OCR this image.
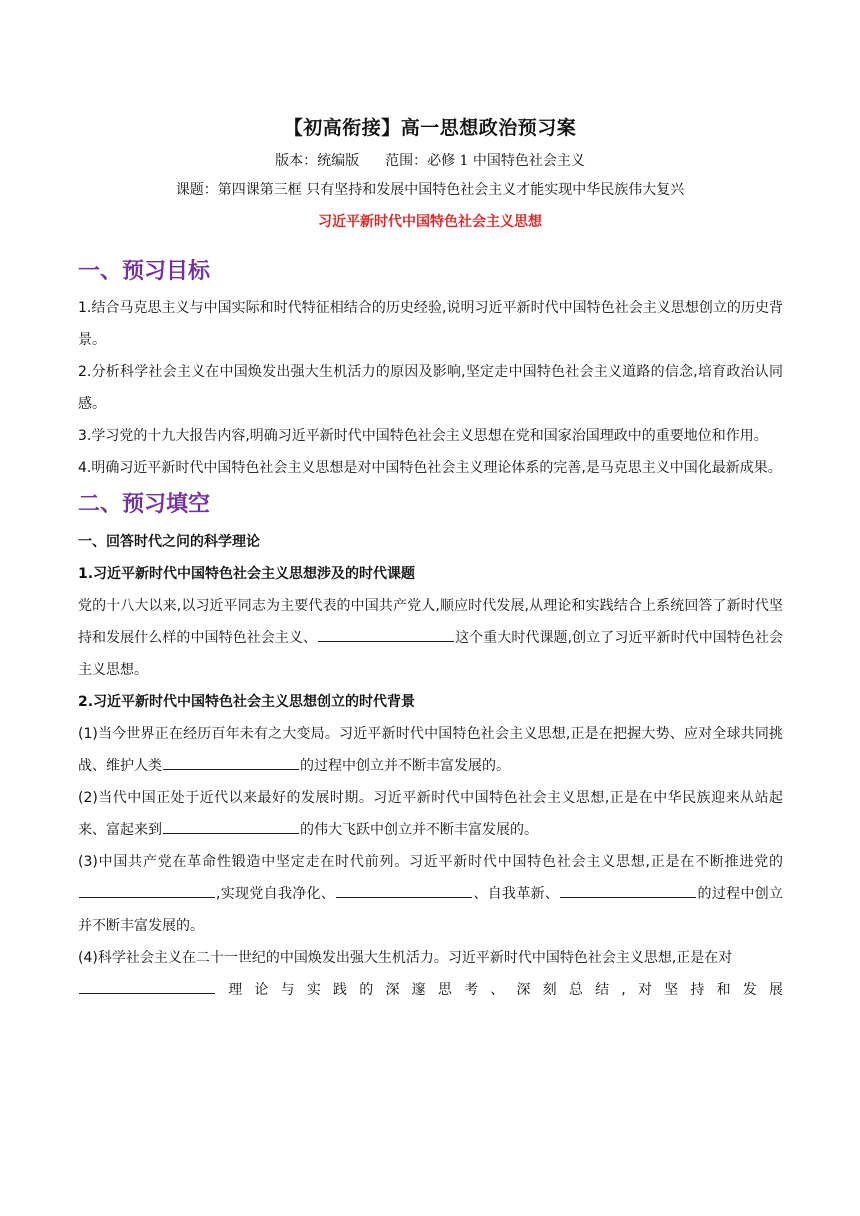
【初高衔接】高一思想政治预习案
版本：统编版 范围：必修 1 中国特色社会主义
课题：第四课第三框 只有坚持和发展中国特色社会主义才能实现中华民族伟大复兴
习近平新时代中国特色社会主义思想
一、预习目标

1.结合马克思主义与中国实际和时代特征相结合的历史经验,说明习近平新时代中国特色社会主义思想创立的历史背景。

2.分析科学社会主义在中国焕发出强大生机活力的原因及影响,坚定走中国特色社会主义道路的信念,培育政治认同感。

3.学习党的十九大报告内容,明确习近平新时代中国特色社会主义思想在党和国家治国理政中的重要地位和作用。

4.明确习近平新时代中国特色社会主义思想是对中国特色社会主义理论体系的完善,是马克思主义中国化最新成果。

二、预习填空

一、回答时代之问的科学理论

1.习近平新时代中国特色社会主义思想涉及的时代课题

党的十八大以来,以习近平同志为主要代表的中国共产党人,顺应时代发展,从理论和实践结合上系统回答了新时代坚持和发展什么样的中国特色社会主义、	这个重大时代课题,创立了习近平新时代中国特色社会主义思想。

2.习近平新时代中国特色社会主义思想创立的时代背景

(1)当今世界正在经历百年未有之大变局。习近平新时代中国特色社会主义思想,正是在把握大势、应对全球共同挑战、维护人类	的过程中创立并不断丰富发展的。

(2)当代中国正处于近代以来最好的发展时期。习近平新时代中国特色社会主义思想,正是在中华民族迎来从站起来、富起来到	的伟大飞跃中创立并不断丰富发展的。

(3)中国共产党在革命性锻造中坚定走在时代前列。习近平新时代中国特色社会主义思想,正是在不断推进党的,实现党自我净化、	、自我革新、	的过程中创立并不断丰富发展的。

(4)科学社会主义在二十一世纪的中国焕发出强大生机活力。习近平新时代中国特色社会主义思想,正是在对

理论与实践的深邃思考、深刻总结,对坚持和发展
